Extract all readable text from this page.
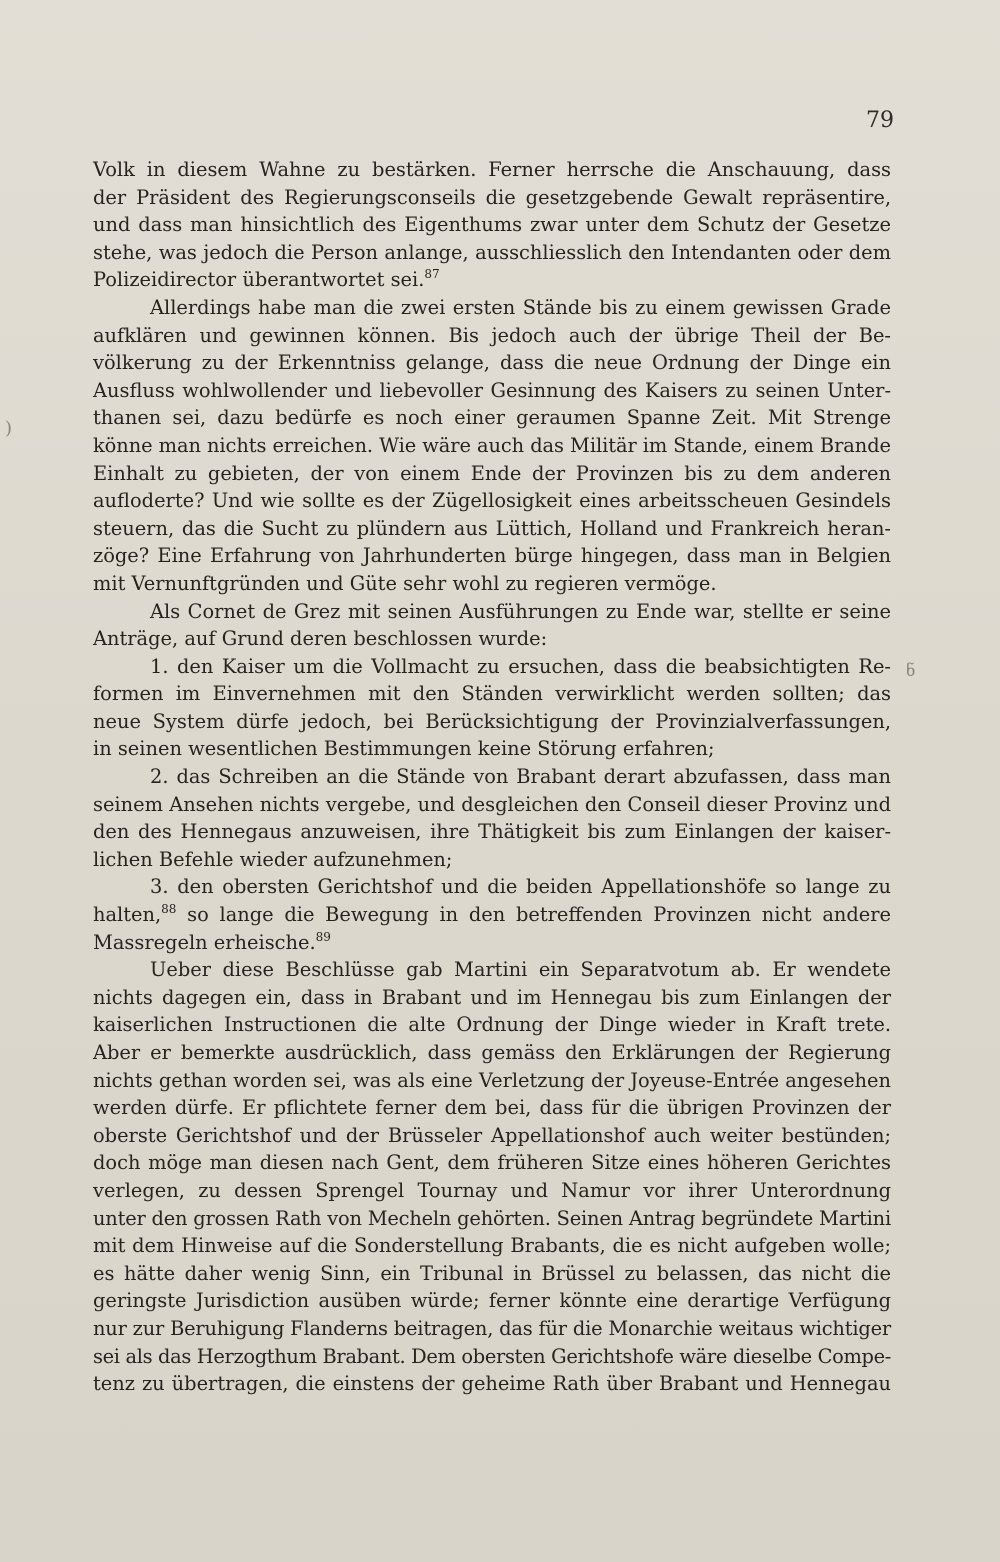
79
)
ნ
Volk in diesem Wahne zu bestärken. Ferner herrsche die Anschauung, dass
der Präsident des Regierungsconseils die gesetzgebende Gewalt repräsentire,
und dass man hinsichtlich des Eigenthums zwar unter dem Schutz der Gesetze
stehe, was jedoch die Person anlange, ausschliesslich den Intendanten oder dem
Polizeidirector überantwortet sei.$^{87}$
Allerdings habe man die zwei ersten Stände bis zu einem gewissen Grade
aufklären und gewinnen können. Bis jedoch auch der übrige Theil der Be-
völkerung zu der Erkenntniss gelange, dass die neue Ordnung der Dinge ein
Ausfluss wohlwollender und liebevoller Gesinnung des Kaisers zu seinen Unter-
thanen sei, dazu bedürfe es noch einer geraumen Spanne Zeit. Mit Strenge
könne man nichts erreichen. Wie wäre auch das Militär im Stande, einem Brande
Einhalt zu gebieten, der von einem Ende der Provinzen bis zu dem anderen
aufloderte? Und wie sollte es der Zügellosigkeit eines arbeitsscheuen Gesindels
steuern, das die Sucht zu plündern aus Lüttich, Holland und Frankreich heran-
zöge? Eine Erfahrung von Jahrhunderten bürge hingegen, dass man in Belgien
mit Vernunftgründen und Güte sehr wohl zu regieren vermöge.
Als Cornet de Grez mit seinen Ausführungen zu Ende war, stellte er seine
Anträge, auf Grund deren beschlossen wurde:
1. den Kaiser um die Vollmacht zu ersuchen, dass die beabsichtigten Re-
formen im Einvernehmen mit den Ständen verwirklicht werden sollten; das
neue System dürfe jedoch, bei Berücksichtigung der Provinzialverfassungen,
in seinen wesentlichen Bestimmungen keine Störung erfahren;
2. das Schreiben an die Stände von Brabant derart abzufassen, dass man
seinem Ansehen nichts vergebe, und desgleichen den Conseil dieser Provinz und
den des Hennegaus anzuweisen, ihre Thätigkeit bis zum Einlangen der kaiser-
lichen Befehle wieder aufzunehmen;
3. den obersten Gerichtshof und die beiden Appellationshöfe so lange zu
halten,$^{88}$ so lange die Bewegung in den betreffenden Provinzen nicht andere
Massregeln erheische.$^{89}$
Ueber diese Beschlüsse gab Martini ein Separatvotum ab. Er wendete
nichts dagegen ein, dass in Brabant und im Hennegau bis zum Einlangen der
kaiserlichen Instructionen die alte Ordnung der Dinge wieder in Kraft trete.
Aber er bemerkte ausdrücklich, dass gemäss den Erklärungen der Regierung
nichts gethan worden sei, was als eine Verletzung der Joyeuse-Entrée angesehen
werden dürfe. Er pflichtete ferner dem bei, dass für die übrigen Provinzen der
oberste Gerichtshof und der Brüsseler Appellationshof auch weiter bestünden;
doch möge man diesen nach Gent, dem früheren Sitze eines höheren Gerichtes
verlegen, zu dessen Sprengel Tournay und Namur vor ihrer Unterordnung
unter den grossen Rath von Mecheln gehörten. Seinen Antrag begründete Martini
mit dem Hinweise auf die Sonderstellung Brabants, die es nicht aufgeben wolle;
es hätte daher wenig Sinn, ein Tribunal in Brüssel zu belassen, das nicht die
geringste Jurisdiction ausüben würde; ferner könnte eine derartige Verfügung
nur zur Beruhigung Flanderns beitragen, das für die Monarchie weitaus wichtiger
sei als das Herzogthum Brabant. Dem obersten Gerichtshofe wäre dieselbe Compe-
tenz zu übertragen, die einstens der geheime Rath über Brabant und Hennegau
